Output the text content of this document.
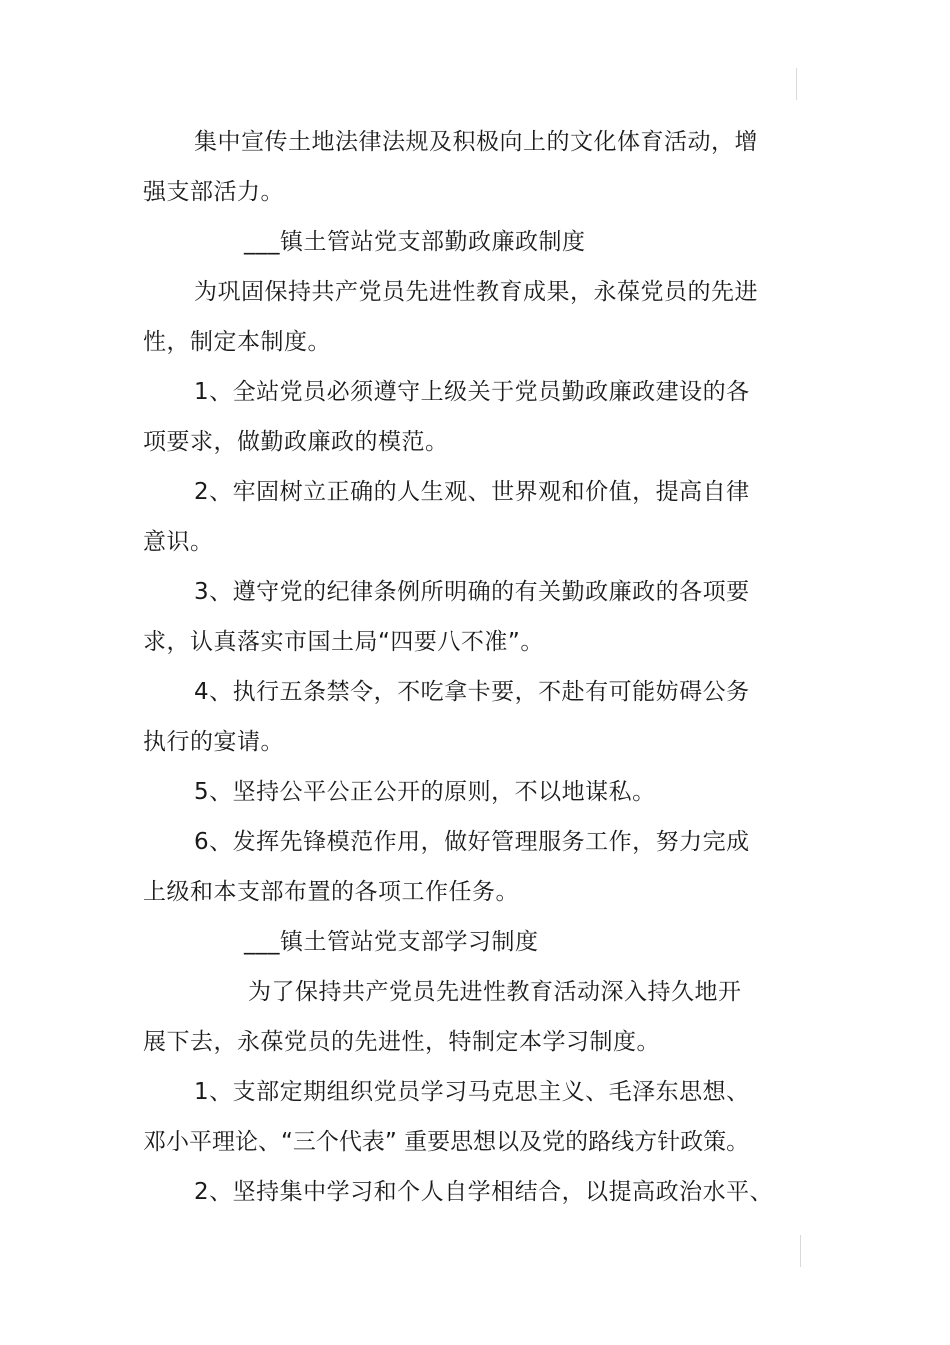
集中宣传土地法律法规及积极向上的文化体育活动，增
强支部活力。
___镇土管站党支部勤政廉政制度
为巩固保持共产党员先进性教育成果，永葆党员的先进
性，制定本制度。
1、全站党员必须遵守上级关于党员勤政廉政建设的各
项要求，做勤政廉政的模范。
2、牢固树立正确的人生观、世界观和价值，提高自律
意识。
3、遵守党的纪律条例所明确的有关勤政廉政的各项要
求，认真落实市国土局“四要八不准”。
4、执行五条禁令，不吃拿卡要，不赴有可能妨碍公务
执行的宴请。
5、坚持公平公正公开的原则，不以地谋私。
6、发挥先锋模范作用，做好管理服务工作，努力完成
上级和本支部布置的各项工作任务。
___镇土管站党支部学习制度
为了保持共产党员先进性教育活动深入持久地开
展下去，永葆党员的先进性，特制定本学习制度。
1、支部定期组织党员学习马克思主义、毛泽东思想、
邓小平理论、“三个代表” 重要思想以及党的路线方针政策。
2、坚持集中学习和个人自学相结合，以提高政治水平、
